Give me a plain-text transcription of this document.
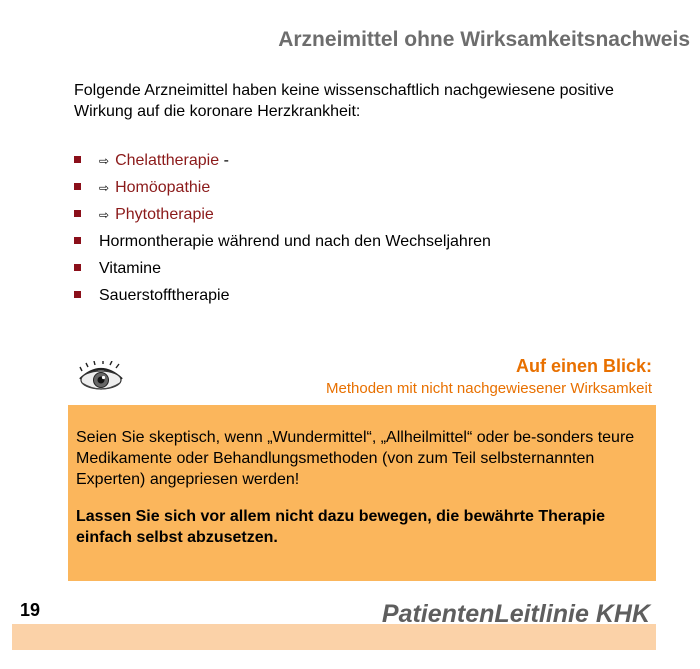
Arzneimittel ohne Wirksamkeitsnachweis
Folgende Arzneimittel haben keine wissenschaftlich nachgewiesene positive Wirkung auf die koronare Herzkrankheit:
⇨ Chelattherapie -
⇨ Homöopathie
⇨ Phytotherapie
Hormontherapie während und nach den Wechseljahren
Vitamine
Sauerstofftherapie
Auf einen Blick:
Methoden mit nicht nachgewiesener Wirksamkeit

Seien Sie skeptisch, wenn „Wundermittel“, „Allheilmittel“ oder be-sonders teure Medikamente oder Behandlungsmethoden (von zum Teil selbsternannten Experten) angepriesen werden!

Lassen Sie sich vor allem nicht dazu bewegen, die bewährte Therapie einfach selbst abzusetzen.

19	PatientenLeitlinie KHK
